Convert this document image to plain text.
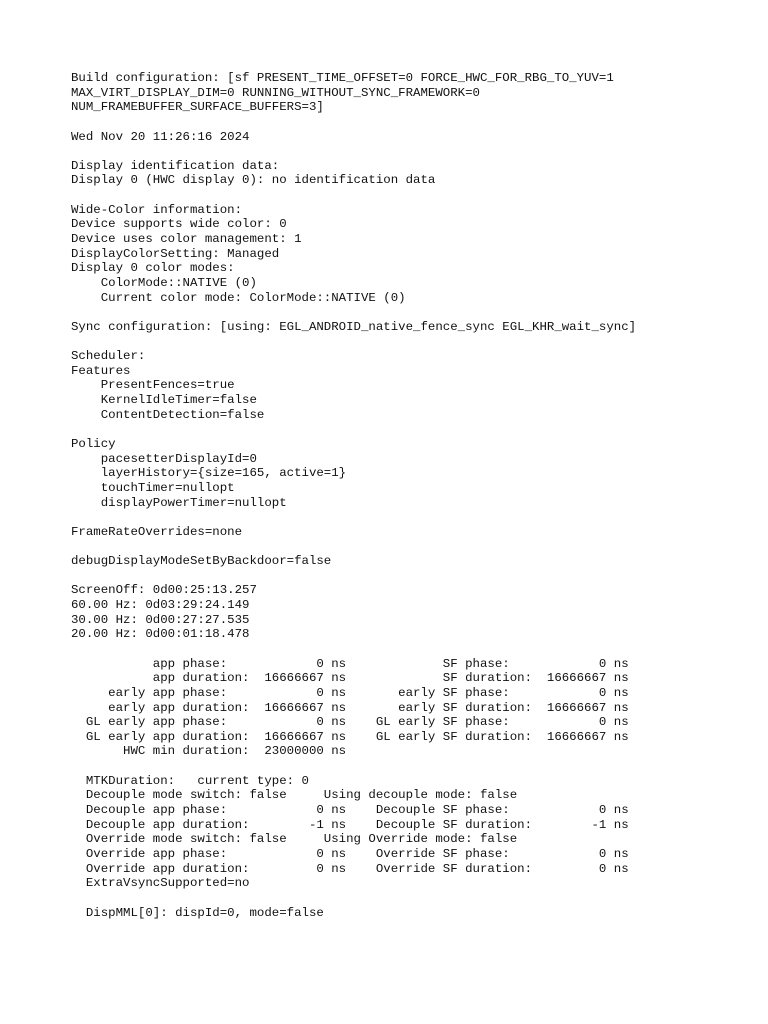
Build configuration: [sf PRESENT_TIME_OFFSET=0 FORCE_HWC_FOR_RBG_TO_YUV=1
MAX_VIRT_DISPLAY_DIM=0 RUNNING_WITHOUT_SYNC_FRAMEWORK=0
NUM_FRAMEBUFFER_SURFACE_BUFFERS=3]
Wed Nov 20 11:26:16 2024
Display identification data:
Display 0 (HWC display 0): no identification data
Wide-Color information:
Device supports wide color: 0
Device uses color management: 1
DisplayColorSetting: Managed
Display 0 color modes:
ColorMode::NATIVE (0)
Current color mode: ColorMode::NATIVE (0)
Sync configuration: [using: EGL_ANDROID_native_fence_sync EGL_KHR_wait_sync]
Scheduler:
Features
PresentFences=true
KernelIdleTimer=false
ContentDetection=false
Policy
pacesetterDisplayId=0
layerHistory={size=165, active=1}
touchTimer=nullopt
displayPowerTimer=nullopt
FrameRateOverrides=none
debugDisplayModeSetByBackdoor=false
ScreenOff: 0d00:25:13.257
60.00 Hz: 0d03:29:24.149
30.00 Hz: 0d00:27:27.535
20.00 Hz: 0d00:01:18.478
app phase:            0 ns             SF phase:            0 ns
app duration:  16666667 ns             SF duration:  16666667 ns
early app phase:            0 ns       early SF phase:            0 ns
early app duration:  16666667 ns       early SF duration:  16666667 ns
GL early app phase:            0 ns    GL early SF phase:            0 ns
GL early app duration:  16666667 ns    GL early SF duration:  16666667 ns
HWC min duration:  23000000 ns
MTKDuration:   current type: 0
Decouple mode switch: false     Using decouple mode: false
Decouple app phase:            0 ns    Decouple SF phase:            0 ns
Decouple app duration:        -1 ns    Decouple SF duration:        -1 ns
Override mode switch: false     Using Override mode: false
Override app phase:            0 ns    Override SF phase:            0 ns
Override app duration:         0 ns    Override SF duration:         0 ns
ExtraVsyncSupported=no
DispMML[0]: dispId=0, mode=false
